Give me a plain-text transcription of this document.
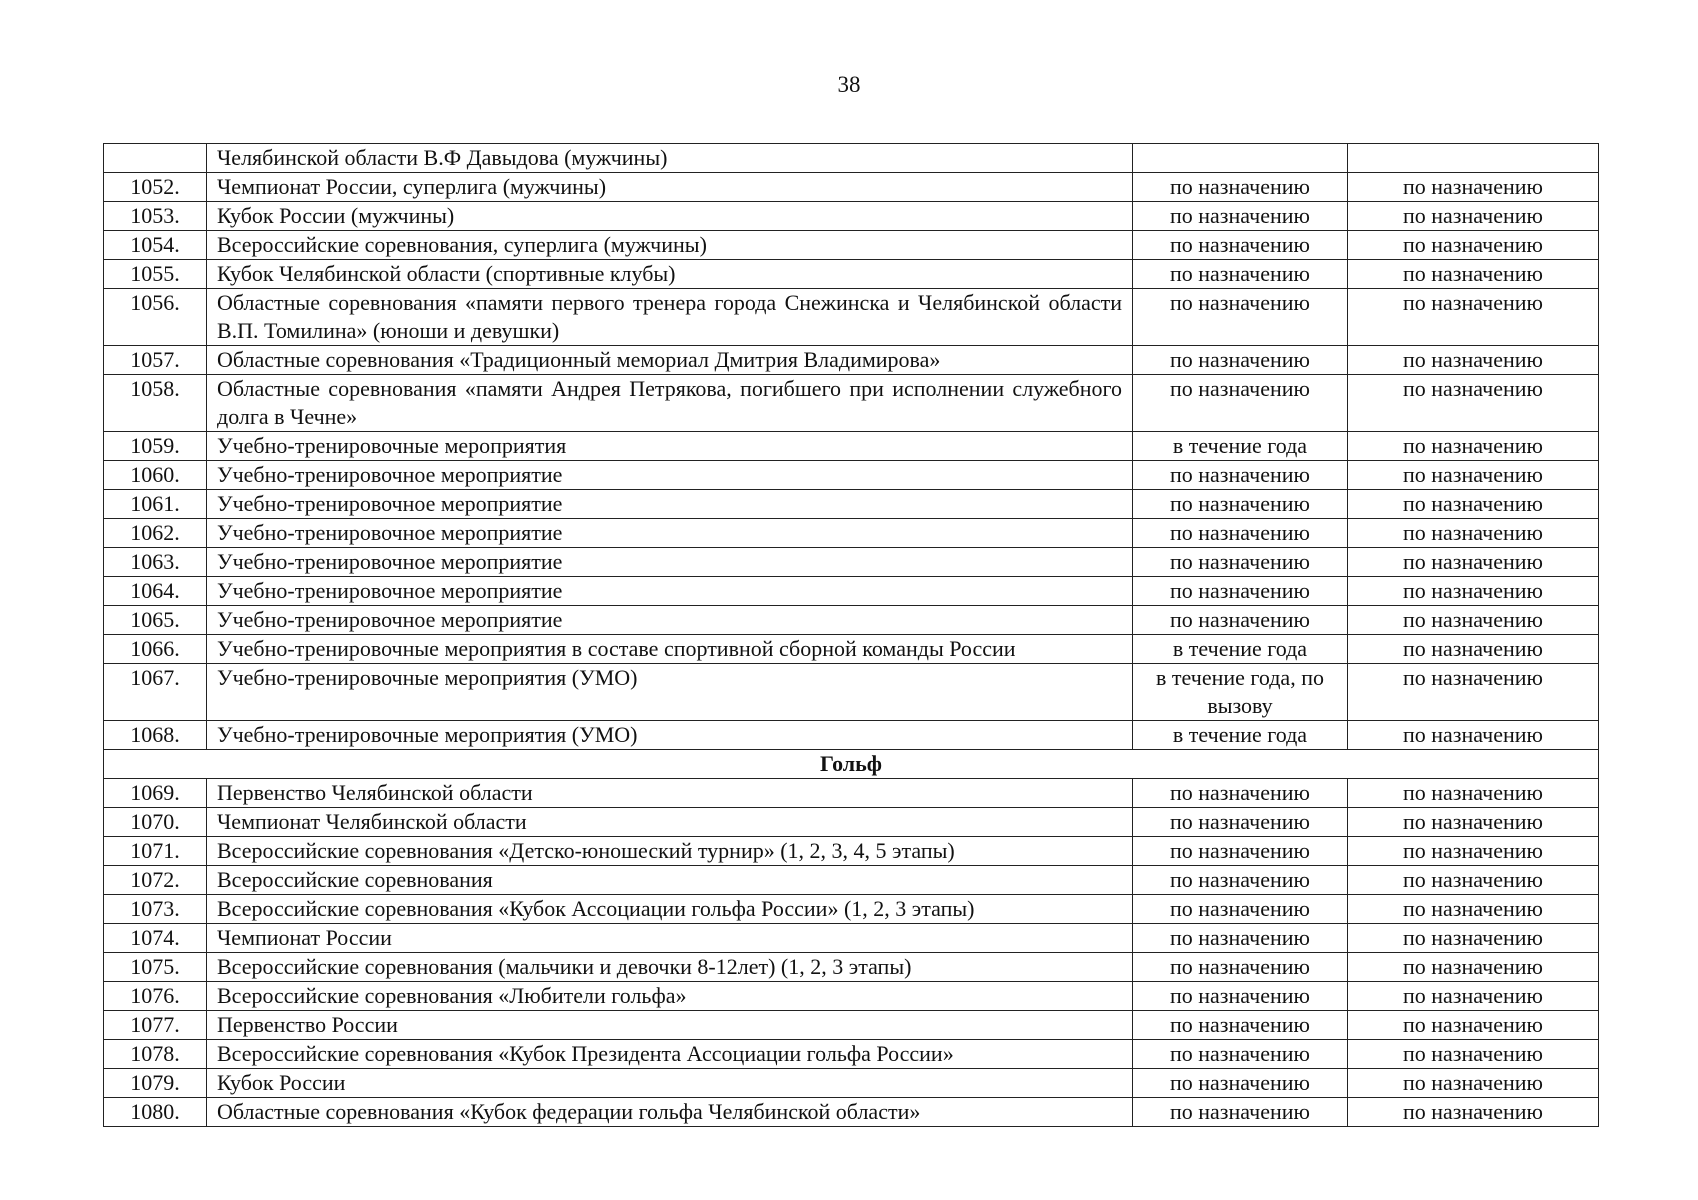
38
	Челябинской области В.Ф Давыдова (мужчины)		
1052.	Чемпионат России, суперлига (мужчины)	по назначению	по назначению
1053.	Кубок России (мужчины)	по назначению	по назначению
1054.	Всероссийские соревнования, суперлига (мужчины)	по назначению	по назначению
1055.	Кубок Челябинской области (спортивные клубы)	по назначению	по назначению
1056.	Областные соревнования «памяти первого тренера города Снежинска и Челябинской области В.П. Томилина» (юноши и девушки)	по назначению	по назначению
1057.	Областные соревнования «Традиционный мемориал Дмитрия Владимирова»	по назначению	по назначению
1058.	Областные соревнования «памяти Андрея Петрякова, погибшего при исполнении служебного долга в Чечне»	по назначению	по назначению
1059.	Учебно-тренировочные мероприятия	в течение года	по назначению
1060.	Учебно-тренировочное мероприятие	по назначению	по назначению
1061.	Учебно-тренировочное мероприятие	по назначению	по назначению
1062.	Учебно-тренировочное мероприятие	по назначению	по назначению
1063.	Учебно-тренировочное мероприятие	по назначению	по назначению
1064.	Учебно-тренировочное мероприятие	по назначению	по назначению
1065.	Учебно-тренировочное мероприятие	по назначению	по назначению
1066.	Учебно-тренировочные мероприятия в составе спортивной сборной команды России	в течение года	по назначению
1067.	Учебно-тренировочные мероприятия (УМО)	в течение года, по вызову	по назначению
1068.	Учебно-тренировочные мероприятия (УМО)	в течение года	по назначению
Гольф			
1069.	Первенство Челябинской области	по назначению	по назначению
1070.	Чемпионат Челябинской области	по назначению	по назначению
1071.	Всероссийские соревнования «Детско-юношеский турнир» (1, 2, 3, 4, 5 этапы)	по назначению	по назначению
1072.	Всероссийские соревнования	по назначению	по назначению
1073.	Всероссийские соревнования «Кубок Ассоциации гольфа России» (1, 2, 3 этапы)	по назначению	по назначению
1074.	Чемпионат России	по назначению	по назначению
1075.	Всероссийские соревнования (мальчики и девочки 8-12лет) (1, 2, 3 этапы)	по назначению	по назначению
1076.	Всероссийские соревнования «Любители гольфа»	по назначению	по назначению
1077.	Первенство России	по назначению	по назначению
1078.	Всероссийские соревнования «Кубок Президента Ассоциации гольфа России»	по назначению	по назначению
1079.	Кубок России	по назначению	по назначению
1080.	Областные соревнования «Кубок федерации гольфа Челябинской области»	по назначению	по назначению
